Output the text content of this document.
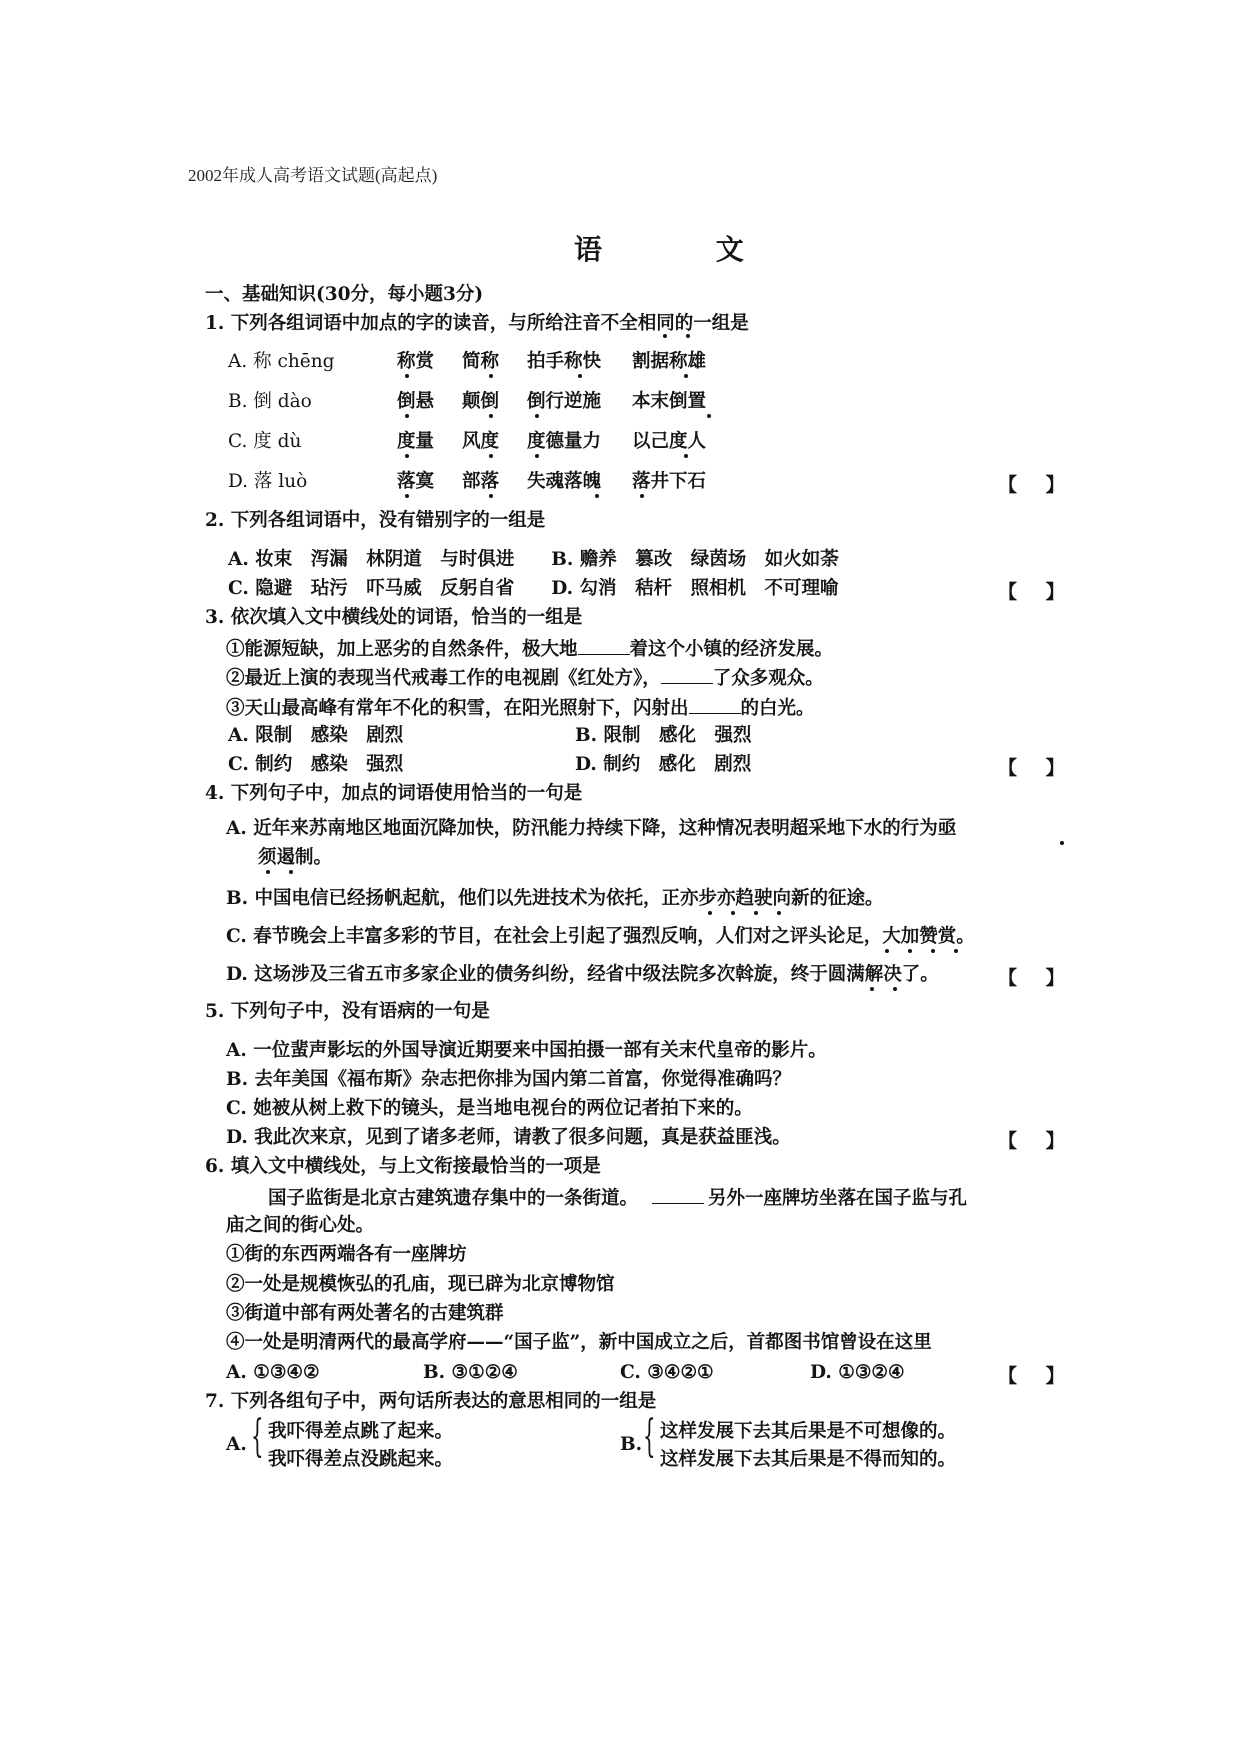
2002年成人高考语文试题(高起点)
语 文
一、基础知识(30分，每小题3分)
1. 下列各组词语中加点的字的读音，与所给注音不全相同的一组是
A. 称 chēng	称赏 简称 拍手称快 割据称雄
B. 倒 dào	倒悬 颠倒 倒行逆施 本末倒置
C. 度 dù	度量 风度 度德量力 以己度人
D. 落 luò	落寞 部落 失魂落魄 落井下石	【 】
2. 下列各组词语中，没有错别字的一组是
A. 妆束　泻漏　林阴道　与时俱进　　B. 赡养　篡改　绿茵场　如火如荼
C. 隐避　玷污　吓马威　反躬自省　　D. 勾消　秸杆　照相机　不可理喻	【 】
3. 依次填入文中横线处的词语，恰当的一组是
①能源短缺，加上恶劣的自然条件，极大地	着这个小镇的经济发展。
②最近上演的表现当代戒毒工作的电视剧《红处方》，	了众多观众。
③天山最高峰有常年不化的积雪，在阳光照射下，闪射出	的白光。
A. 限制　感染　剧烈	B. 限制　感化　强烈
C. 制约　感染　强烈	D. 制约　感化　剧烈	【 】
4. 下列句子中，加点的词语使用恰当的一句是
A. 近年来苏南地区地面沉降加快，防汛能力持续下降，这种情况表明超采地下水的行为亟
须遏制。
B. 中国电信已经扬帆起航，他们以先进技术为依托，正亦步亦趋驶向新的征途。
C. 春节晚会上丰富多彩的节目，在社会上引起了强烈反响，人们对之评头论足，大加赞赏。
D. 这场涉及三省五市多家企业的债务纠纷，经省中级法院多次斡旋，终于圆满解决了。	【 】
5. 下列句子中，没有语病的一句是
A. 一位蜚声影坛的外国导演近期要来中国拍摄一部有关末代皇帝的影片。
B. 去年美国《福布斯》杂志把你排为国内第二首富，你觉得准确吗？
C. 她被从树上救下的镜头，是当地电视台的两位记者拍下来的。
D. 我此次来京，见到了诸多老师，请教了很多问题，真是获益匪浅。	【 】
6. 填入文中横线处，与上文衔接最恰当的一项是
国子监街是北京古建筑遗存集中的一条街道。	另外一座牌坊坐落在国子监与孔
庙之间的街心处。
①街的东西两端各有一座牌坊
②一处是规模恢弘的孔庙，现已辟为北京博物馆
③街道中部有两处著名的古建筑群
④一处是明清两代的最高学府——“国子监”，新中国成立之后，首都图书馆曾设在这里
A. ①③④②	B. ③①②④	C. ③④②①	D. ①③②④	【 】
7. 下列各组句子中，两句话所表达的意思相同的一组是
A. { 我吓得差点跳了起来。
我吓得差点没跳起来。
B. { 这样发展下去其后果是不可想像的。
这样发展下去其后果是不得而知的。
